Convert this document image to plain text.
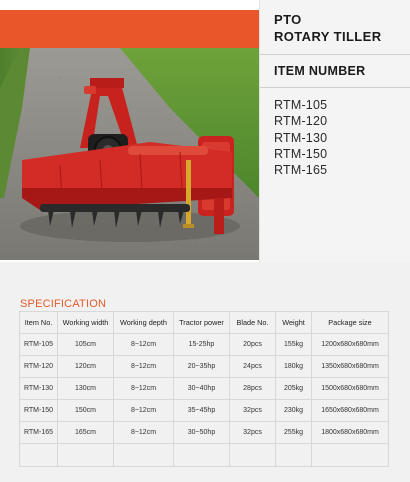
PTO
ROTARY TILLER
ITEM NUMBER
RTM-105
RTM-120
RTM-130
RTM-150
RTM-165
SPECIFICATION
Item No.	Working width	Working depth	Tractor power	Blade No.	Weight	Package size
RTM-105	105cm	8~12cm	15-25hp	20pcs	155kg	1200x680x680mm
RTM-120	120cm	8~12cm	20~35hp	24pcs	180kg	1350x680x680mm
RTM-130	130cm	8~12cm	30~40hp	28pcs	205kg	1500x680x680mm
RTM-150	150cm	8~12cm	35~45hp	32pcs	230kg	1650x680x680mm
RTM-165	165cm	8~12cm	30~50hp	32pcs	255kg	1800x680x680mm
